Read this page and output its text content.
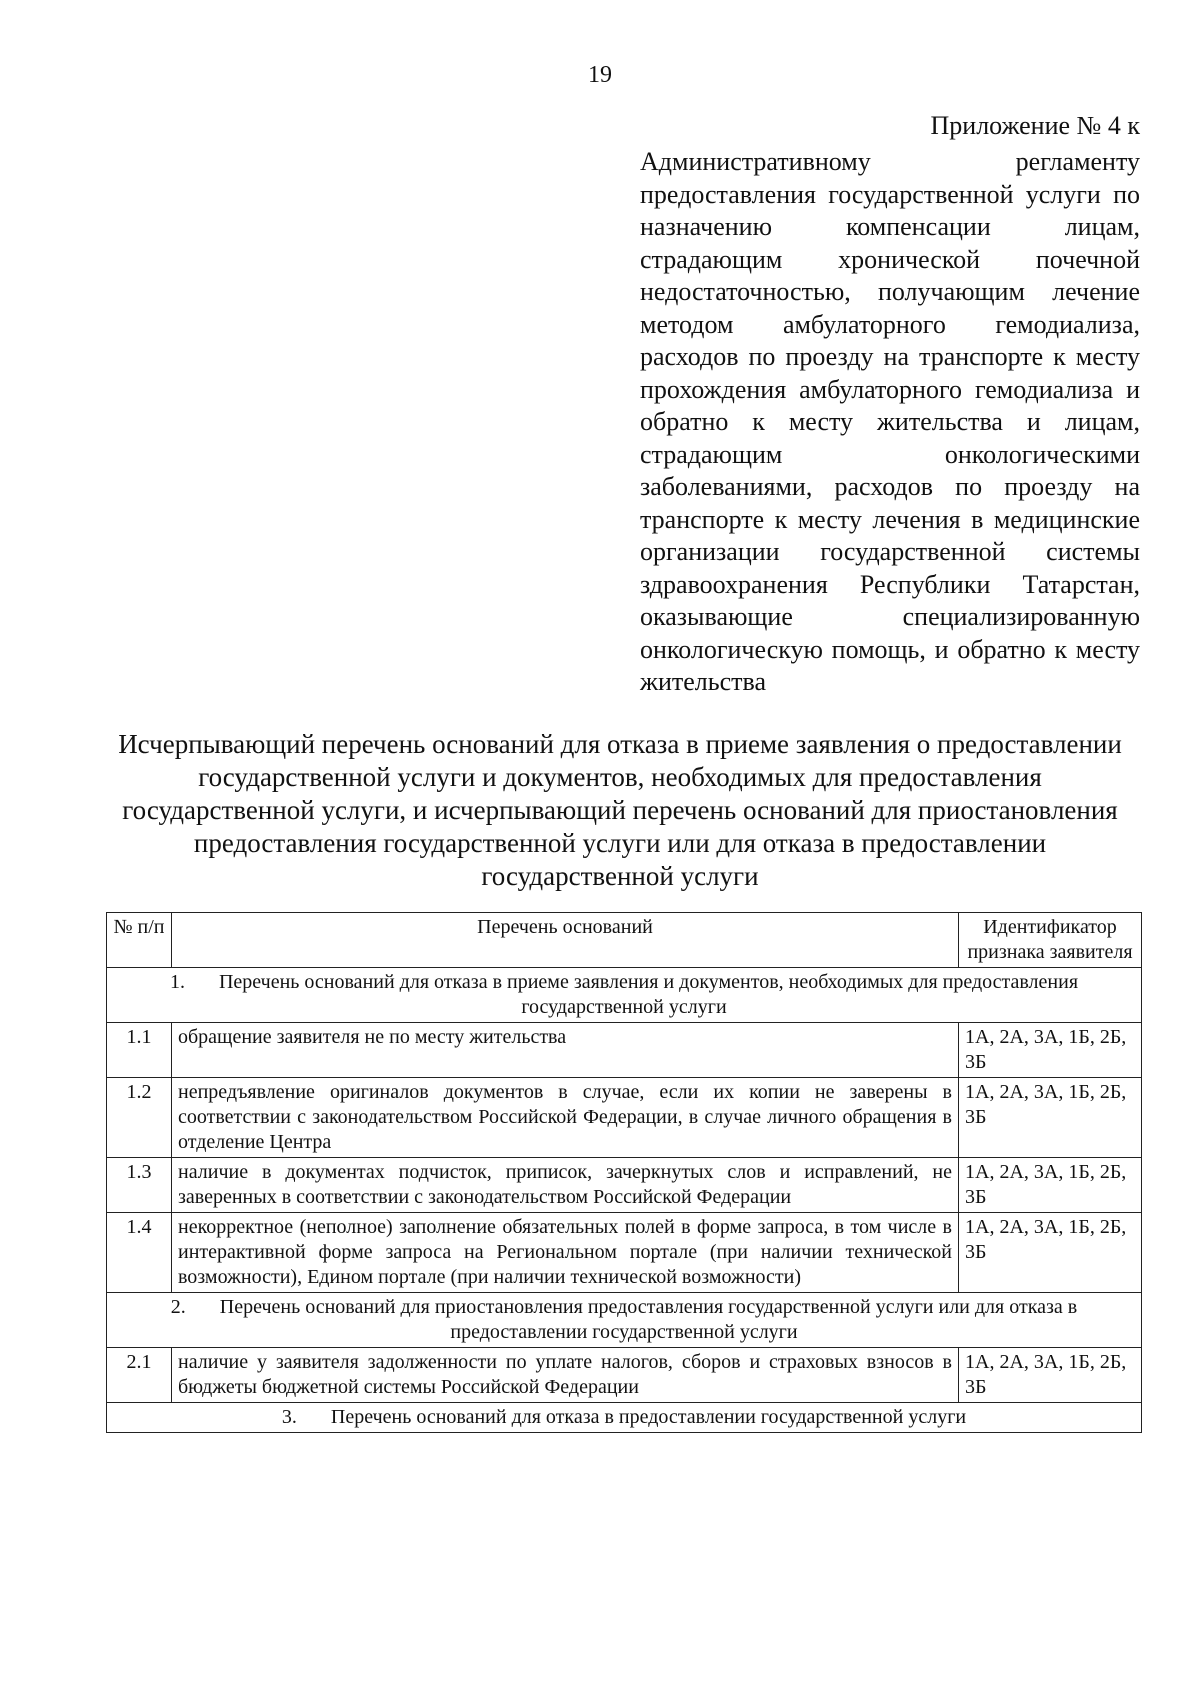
19
Приложение № 4 к
Административному регламенту предоставления государственной услуги по назначению компенсации лицам, страдающим хронической почечной недостаточностью, получающим лечение методом амбулаторного гемодиализа, расходов по проезду на транспорте к месту прохождения амбулаторного гемодиализа и обратно к месту жительства и лицам, страдающим онкологическими заболеваниями, расходов по проезду на транспорте к месту лечения в медицинские организации государственной системы здравоохранения Республики Татарстан, оказывающие специализированную онкологическую помощь, и обратно к месту жительства
Исчерпывающий перечень оснований для отказа в приеме заявления о предоставлении государственной услуги и документов, необходимых для предоставления государственной услуги, и исчерпывающий перечень оснований для приостановления предоставления государственной услуги или для отказа в предоставлении государственной услуги
№ п/п	Перечень оснований	Идентификатор признака заявителя
1. Перечень оснований для отказа в приеме заявления и документов, необходимых для предоставления государственной услуги		
1.1	обращение заявителя не по месту жительства	1А, 2А, 3А, 1Б, 2Б, 3Б
1.2	непредъявление оригиналов документов в случае, если их копии не заверены в соответствии с законодательством Российской Федерации, в случае личного обращения в отделение Центра	1А, 2А, 3А, 1Б, 2Б, 3Б
1.3	наличие в документах подчисток, приписок, зачеркнутых слов и исправлений, не заверенных в соответствии с законодательством Российской Федерации	1А, 2А, 3А, 1Б, 2Б, 3Б
1.4	некорректное (неполное) заполнение обязательных полей в форме запроса, в том числе в интерактивной форме запроса на Региональном портале (при наличии технической возможности), Едином портале (при наличии технической возможности)	1А, 2А, 3А, 1Б, 2Б, 3Б
2. Перечень оснований для приостановления предоставления государственной услуги или для отказа в предоставлении государственной услуги		
2.1	наличие у заявителя задолженности по уплате налогов, сборов и страховых взносов в бюджеты бюджетной системы Российской Федерации	1А, 2А, 3А, 1Б, 2Б, 3Б
3. Перечень оснований для отказа в предоставлении государственной услуги		
